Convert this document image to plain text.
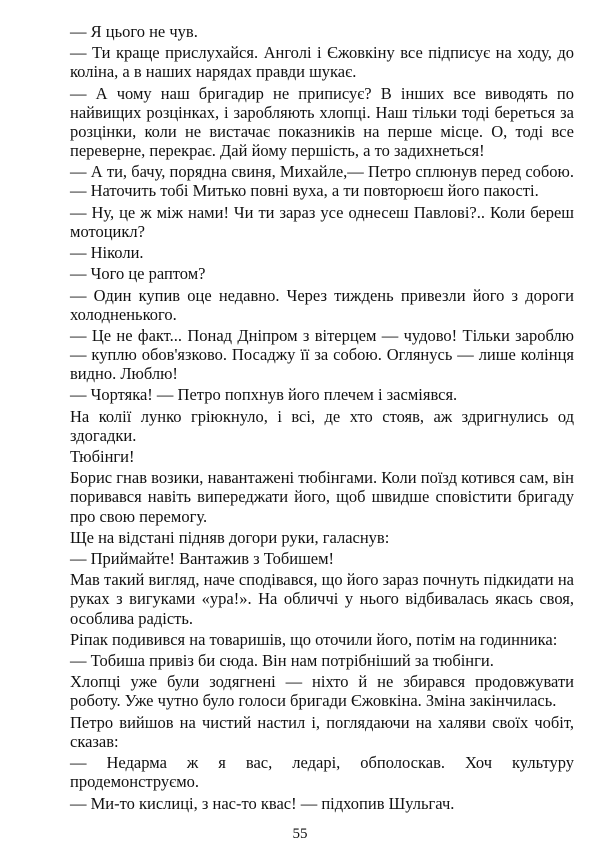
— Я цього не чув.

— Ти краще прислухайся. Анголі і Єжовкіну все підписує на ходу, до коліна, а в наших нарядах правди шукає.

— А чому наш бригадир не приписує? В інших все виводять по найвищих розцінках, і заробляють хлопці. Наш тільки тоді береться за розцінки, коли не вистачає показників на перше місце. О, тоді все переверне, перекрає. Дай йому першість, а то задихнеться!

— А ти, бачу, порядна свиня, Михайле,— Петро сплюнув перед собою.— Наточить тобі Митько повні вуха, а ти повторюєш його пакості.

— Ну, це ж між нами! Чи ти зараз усе однесеш Павлові?.. Коли береш мотоцикл?

— Ніколи.

— Чого це раптом?

— Один купив оце недавно. Через тиждень привезли його з дороги холодненького.

— Це не факт... Понад Дніпром з вітерцем — чудово! Тільки зароблю — куплю обов'язково. Посаджу її за собою. Оглянусь — лише колінця видно. Люблю!

— Чортяка! — Петро попхнув його плечем і засміявся.

На колії лунко гріюкнуло, і всі, де хто стояв, аж здригнулись од здогадки.

Тюбінги!

Борис гнав возики, навантажені тюбінгами. Коли поїзд котився сам, він поривався навіть випереджати його, щоб швидше сповістити бригаду про свою перемогу.

Ще на відстані підняв догори руки, галаснув:

— Приймайте! Вантажив з Тобишем!

Мав такий вигляд, наче сподівався, що його зараз почнуть підкидати на руках з вигуками «ура!». На обличчі у нього відбивалась якась своя, особлива радість.

Ріпак подивився на товаришів, що оточили його, потім на годинника:

— Тобиша привіз би сюда. Він нам потрібніший за тюбінги.

Хлопці уже були зодягнені — ніхто й не збирався продовжувати роботу. Уже чутно було голоси бригади Єжовкіна. Зміна закінчилась.

Петро вийшов на чистий настил і, поглядаючи на халяви своїх чобіт, сказав:

— Недарма ж я вас, ледарі, обполоскав. Хоч культуру продемонструємо.

— Ми-то кислиці, з нас-то квас! — підхопив Шульгач.

55
